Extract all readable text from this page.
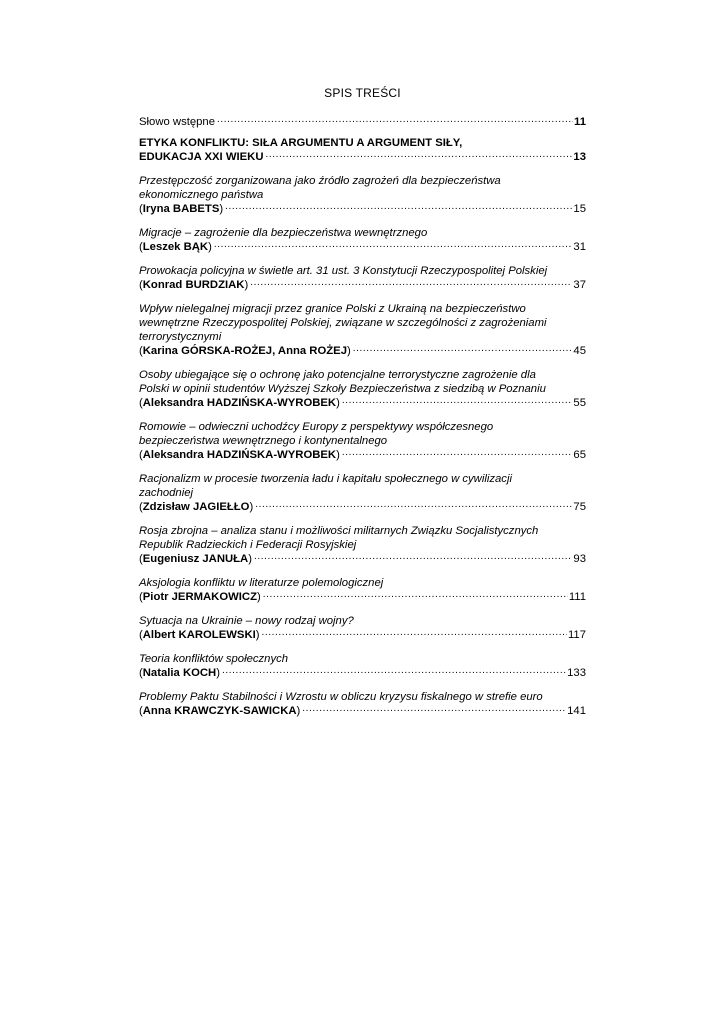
SPIS TREŚCI
Słowo wstępne .....	11
ETYKA KONFLIKTU: SIŁA ARGUMENTU A ARGUMENT SIŁY,
EDUKACJA XXI WIEKU .....	13
Przestępczość zorganizowana jako źródło zagrożeń dla bezpieczeństwa
ekonomicznego państwa
(Iryna BABETS) .....	15
Migracje – zagrożenie dla bezpieczeństwa wewnętrznego
(Leszek BĄK) .....	31
Prowokacja policyjna w świetle art. 31 ust. 3 Konstytucji Rzeczypospolitej Polskiej
(Konrad BURDZIAK) .....	37
Wpływ nielegalnej migracji przez granice Polski z Ukrainą na bezpieczeństwo
wewnętrzne Rzeczypospolitej Polskiej, związane w szczególności z zagrożeniami
terrorystycznymi
(Karina GÓRSKA-ROŻEJ, Anna ROŻEJ) .....	45
Osoby ubiegające się o ochronę jako potencjalne terrorystyczne zagrożenie dla
Polski w opinii studentów Wyższej Szkoły Bezpieczeństwa z siedzibą w Poznaniu
(Aleksandra HADZIŃSKA-WYROBEK) .....	55
Romowie – odwieczni uchodźcy Europy z perspektywy współczesnego
bezpieczeństwa wewnętrznego i kontynentalnego
(Aleksandra HADZIŃSKA-WYROBEK) .....	65
Racjonalizm w procesie tworzenia ładu i kapitału społecznego w cywilizacji
zachodniej
(Zdzisław JAGIEŁŁO) .....	75
Rosja zbrojna – analiza stanu i możliwości militarnych Związku Socjalistycznych
Republik Radzieckich i Federacji Rosyjskiej
(Eugeniusz JANUŁA) .....	93
Aksjologia konfliktu w literaturze polemologicznej
(Piotr JERMAKOWICZ) .....	111
Sytuacja na Ukrainie – nowy rodzaj wojny?
(Albert KAROLEWSKI) .....	117
Teoria konfliktów społecznych
(Natalia KOCH) .....	133
Problemy Paktu Stabilności i Wzrostu w obliczu kryzysu fiskalnego w strefie euro
(Anna KRAWCZYK-SAWICKA) .....	141
